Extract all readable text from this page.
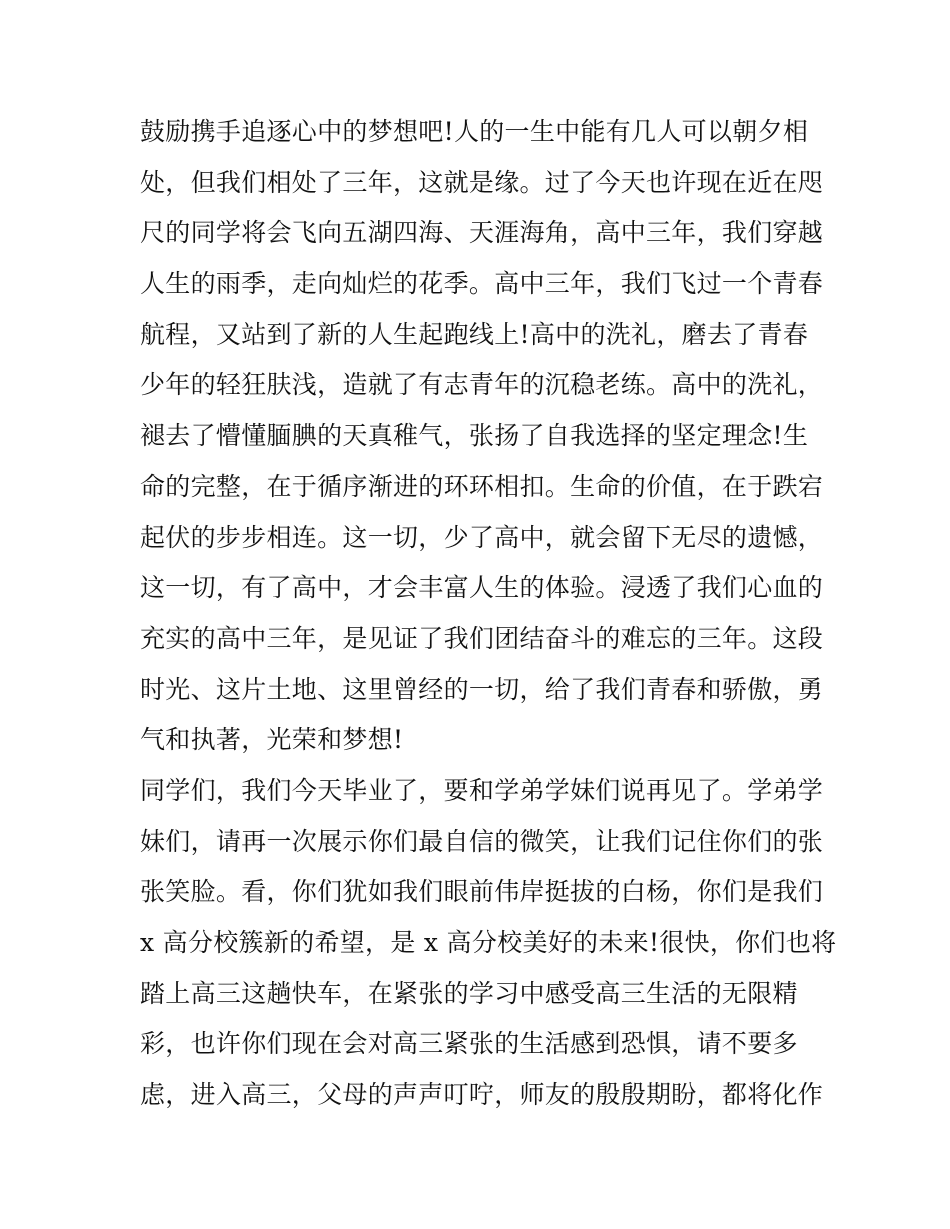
鼓励携手追逐心中的梦想吧!人的一生中能有几人可以朝夕相
处，但我们相处了三年，这就是缘。过了今天也许现在近在咫
尺的同学将会飞向五湖四海、天涯海角，高中三年，我们穿越
人生的雨季，走向灿烂的花季。高中三年，我们飞过一个青春
航程，又站到了新的人生起跑线上!高中的洗礼，磨去了青春
少年的轻狂肤浅，造就了有志青年的沉稳老练。高中的洗礼，
褪去了懵懂腼腆的天真稚气，张扬了自我选择的坚定理念!生
命的完整，在于循序渐进的环环相扣。生命的价值，在于跌宕
起伏的步步相连。这一切，少了高中，就会留下无尽的遗憾，
这一切，有了高中，才会丰富人生的体验。浸透了我们心血的
充实的高中三年，是见证了我们团结奋斗的难忘的三年。这段
时光、这片土地、这里曾经的一切，给了我们青春和骄傲，勇
气和执著，光荣和梦想!
同学们，我们今天毕业了，要和学弟学妹们说再见了。学弟学
妹们，请再一次展示你们最自信的微笑，让我们记住你们的张
张笑脸。看，你们犹如我们眼前伟岸挺拔的白杨，你们是我们
x 高分校簇新的希望，是 x 高分校美好的未来!很快，你们也将
踏上高三这趟快车，在紧张的学习中感受高三生活的无限精
彩，也许你们现在会对高三紧张的生活感到恐惧，请不要多
虑，进入高三，父母的声声叮咛，师友的殷殷期盼，都将化作
